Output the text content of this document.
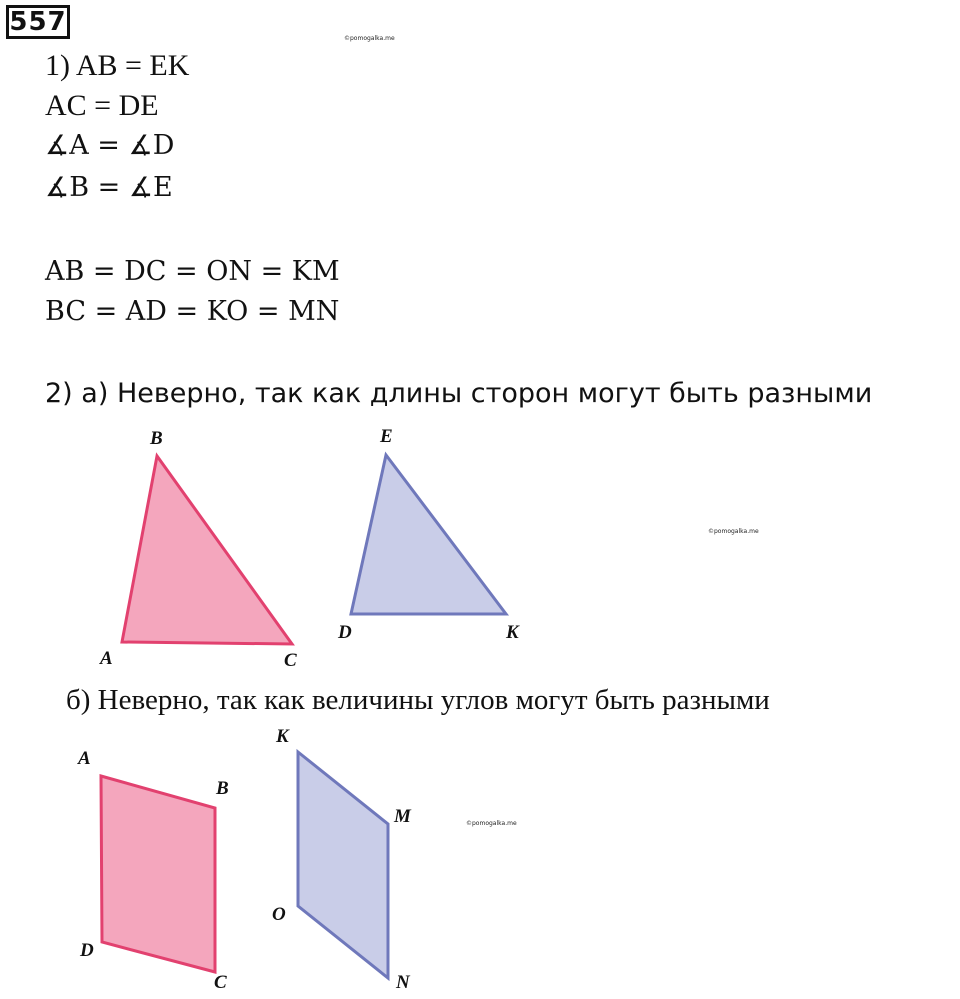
557
©pomogalka.me
1) AB = EK
AC = DE
∡A = ∡D
∡B = ∡E
AB = DC = ON = KM
BC = AD = KO = MN
2) а) Неверно, так как длины сторон могут быть разными
B
A	C
E
D	K
©pomogalka.me
б) Неверно, так как величины углов могут быть разными
A
B
D
C
K
M
O
N
©pomogalka.me
